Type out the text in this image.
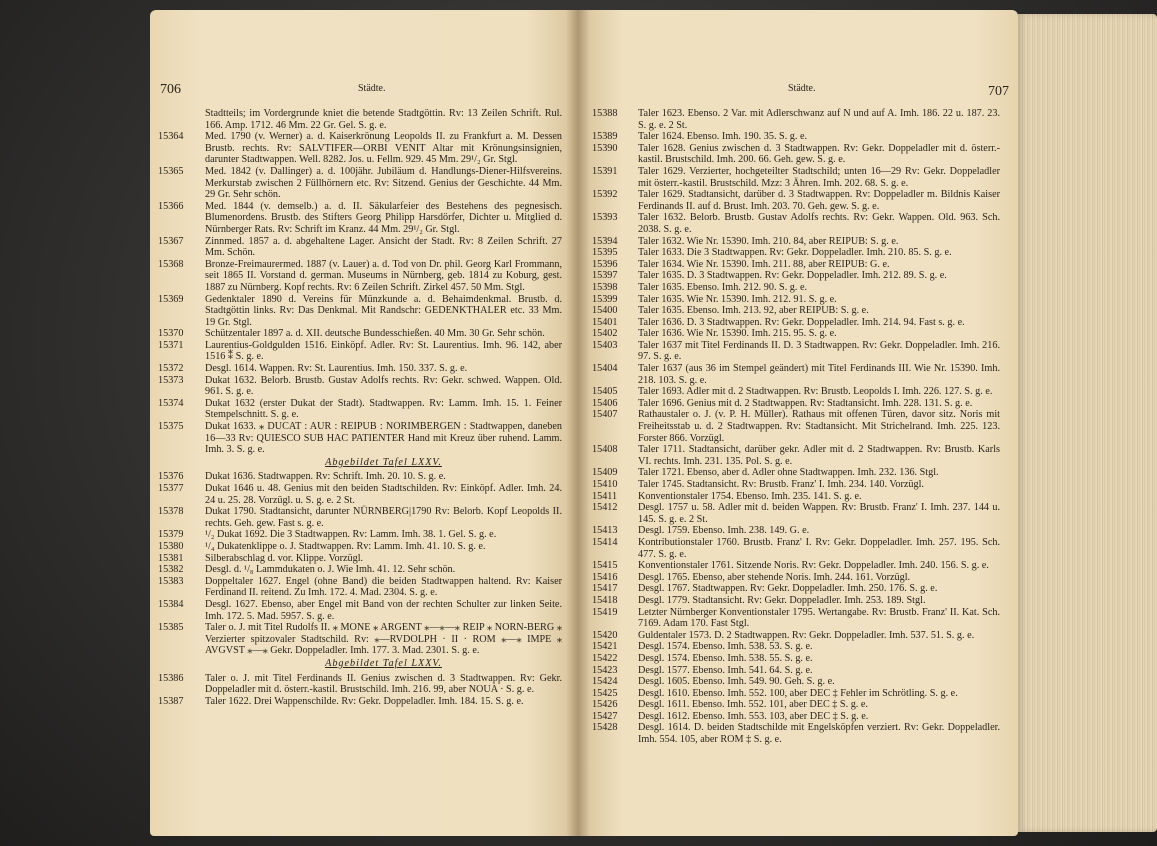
706	Städte.
Stadtteils; im Vordergrunde kniet die betende Stadtgöttin. Rv: 13 Zeilen Schrift. Rul. 166. Amp. 1712. 46 Mm. 22 Gr. Gel. S. g. e.
15364	Med. 1790 (v. Werner) a. d. Kaiserkrönung Leopolds II. zu Frankfurt a. M. Dessen Brustb. rechts. Rv: SALVTIFER—ORBI VENIT Altar mit Krönungsinsignien, darunter Stadtwappen. Well. 8282. Jos. u. Fellm. 929. 45 Mm. 29¹/₂ Gr. Stgl.
15365	Med. 1842 (v. Dallinger) a. d. 100jähr. Jubiläum d. Handlungs-Diener-Hilfsvereins. Merkurstab zwischen 2 Füllhörnern etc. Rv: Sitzend. Genius der Geschichte. 44 Mm. 29 Gr. Sehr schön.
15366	Med. 1844 (v. demselb.) a. d. II. Säkularfeier des Bestehens des pegnesisch. Blumenordens. Brustb. des Stifters Georg Philipp Harsdörfer, Dichter u. Mitglied d. Nürnberger Rats. Rv: Schrift im Kranz. 44 Mm. 29¹/₂ Gr. Stgl.
15367	Zinnmed. 1857 a. d. abgehaltene Lager. Ansicht der Stadt. Rv: 8 Zeilen Schrift. 27 Mm. Schön.
15368	Bronze-Freimaurermed. 1887 (v. Lauer) a. d. Tod von Dr. phil. Georg Karl Frommann, seit 1865 II. Vorstand d. german. Museums in Nürnberg, geb. 1814 zu Koburg, gest. 1887 zu Nürnberg. Kopf rechts. Rv: 6 Zeilen Schrift. Zirkel 457. 50 Mm. Stgl.
15369	Gedenktaler 1890 d. Vereins für Münzkunde a. d. Behaimdenkmal. Brustb. d. Stadtgöttin links. Rv: Das Denkmal. Mit Randschr: GEDENKTHALER etc. 33 Mm. 19 Gr. Stgl.
15370	Schützentaler 1897 a. d. XII. deutsche Bundesschießen. 40 Mm. 30 Gr. Sehr schön.
15371	Laurentius-Goldgulden 1516. Einköpf. Adler. Rv: St. Laurentius. Imh. 96. 142, aber 1516 ⁑ S. g. e.
15372	Desgl. 1614. Wappen. Rv: St. Laurentius. Imh. 150. 337. S. g. e.
15373	Dukat 1632. Belorb. Brustb. Gustav Adolfs rechts. Rv: Gekr. schwed. Wappen. Old. 961. S. g. e.
15374	Dukat 1632 (erster Dukat der Stadt). Stadtwappen. Rv: Lamm. Imh. 15. 1. Feiner Stempelschnitt. S. g. e.
15375	Dukat 1633. ⁎ DUCAT : AUR : REIPUB : NORIMBERGEN : Stadtwappen, daneben 16—33 Rv: QUIESCO SUB HAC PATIENTER Hand mit Kreuz über ruhend. Lamm. Imh. 3. S. g. e.
Abgebildet Tafel LXXV.
15376	Dukat 1636. Stadtwappen. Rv: Schrift. Imh. 20. 10. S. g. e.
15377	Dukat 1646 u. 48. Genius mit den beiden Stadtschilden. Rv: Einköpf. Adler. Imh. 24. 24 u. 25. 28. Vorzügl. u. S. g. e. 2 St.
15378	Dukat 1790. Stadtansicht, darunter NÜRNBERG|1790 Rv: Belorb. Kopf Leopolds II. rechts. Geh. gew. Fast s. g. e.
15379	¹/₂ Dukat 1692. Die 3 Stadtwappen. Rv: Lamm. Imh. 38. 1. Gel. S. g. e.
15380	¹/₄ Dukatenklippe o. J. Stadtwappen. Rv: Lamm. Imh. 41. 10. S. g. e.
15381	Silberabschlag d. vor. Klippe. Vorzügl.
15382	Desgl. d. ¹/₈ Lammdukaten o. J. Wie Imh. 41. 12. Sehr schön.
15383	Doppeltaler 1627. Engel (ohne Band) die beiden Stadtwappen haltend. Rv: Kaiser Ferdinand II. reitend. Zu Imh. 172. 4. Mad. 2304. S. g. e.
15384	Desgl. 1627. Ebenso, aber Engel mit Band von der rechten Schulter zur linken Seite. Imh. 172. 5. Mad. 5957. S. g. e.
15385	Taler o. J. mit Titel Rudolfs II. ⁎ MONE ⁎ ARGENT ⁎—⁎—⁎ REIP ⁎ NORN-BERG ⁎ Verzierter spitzovaler Stadtschild. Rv: ⁎—RVDOLPH · II · ROM ⁎—⁎ IMPE ⁎ AVGVST ⁎—⁎ Gekr. Doppeladler. Imh. 177. 3. Mad. 2301. S. g. e.
Abgebildet Tafel LXXV.
15386	Taler o. J. mit Titel Ferdinands II. Genius zwischen d. 3 Stadtwappen. Rv: Gekr. Doppeladler mit d. österr.-kastil. Brustschild. Imh. 216. 99, aber NOUA · S. g. e.
15387	Taler 1622. Drei Wappenschilde. Rv: Gekr. Doppeladler. Imh. 184. 15. S. g. e.
Städte.	707
15388	Taler 1623. Ebenso. 2 Var. mit Adlerschwanz auf N und auf A. Imh. 186. 22 u. 187. 23. S. g. e. 2 St.
15389	Taler 1624. Ebenso. Imh. 190. 35. S. g. e.
15390	Taler 1628. Genius zwischen d. 3 Stadtwappen. Rv: Gekr. Doppeladler mit d. österr.-kastil. Brustschild. Imh. 200. 66. Geh. gew. S. g. e.
15391	Taler 1629. Verzierter, hochgeteilter Stadtschild; unten 16—29 Rv: Gekr. Doppeladler mit österr.-kastil. Brustschild. Mzz: 3 Ähren. Imh. 202. 68. S. g. e.
15392	Taler 1629. Stadtansicht, darüber d. 3 Stadtwappen. Rv: Doppeladler m. Bildnis Kaiser Ferdinands II. auf d. Brust. Imh. 203. 70. Geh. gew. S. g. e.
15393	Taler 1632. Belorb. Brustb. Gustav Adolfs rechts. Rv: Gekr. Wappen. Old. 963. Sch. 2038. S. g. e.
15394	Taler 1632. Wie Nr. 15390. Imh. 210. 84, aber REIPUB: S. g. e.
15395	Taler 1633. Die 3 Stadtwappen. Rv: Gekr. Doppeladler. Imh. 210. 85. S. g. e.
15396	Taler 1634. Wie Nr. 15390. Imh. 211. 88, aber REIPUB: G. e.
15397	Taler 1635. D. 3 Stadtwappen. Rv: Gekr. Doppeladler. Imh. 212. 89. S. g. e.
15398	Taler 1635. Ebenso. Imh. 212. 90. S. g. e.
15399	Taler 1635. Wie Nr. 15390. Imh. 212. 91. S. g. e.
15400	Taler 1635. Ebenso. Imh. 213. 92, aber REIPUB: S. g. e.
15401	Taler 1636. D. 3 Stadtwappen. Rv: Gekr. Doppeladler. Imh. 214. 94. Fast s. g. e.
15402	Taler 1636. Wie Nr. 15390. Imh. 215. 95. S. g. e.
15403	Taler 1637 mit Titel Ferdinands II. D. 3 Stadtwappen. Rv: Gekr. Doppeladler. Imh. 216. 97. S. g. e.
15404	Taler 1637 (aus 36 im Stempel geändert) mit Titel Ferdinands III. Wie Nr. 15390. Imh. 218. 103. S. g. e.
15405	Taler 1693. Adler mit d. 2 Stadtwappen. Rv: Brustb. Leopolds I. Imh. 226. 127. S. g. e.
15406	Taler 1696. Genius mit d. 2 Stadtwappen. Rv: Stadtansicht. Imh. 228. 131. S. g. e.
15407	Rathaustaler o. J. (v. P. H. Müller). Rathaus mit offenen Türen, davor sitz. Noris mit Freiheitsstab u. d. 2 Stadtwappen. Rv: Stadtansicht. Mit Strichelrand. Imh. 225. 123. Forster 866. Vorzügl.
15408	Taler 1711. Stadtansicht, darüber gekr. Adler mit d. 2 Stadtwappen. Rv: Brustb. Karls VI. rechts. Imh. 231. 135. Pol. S. g. e.
15409	Taler 1721. Ebenso, aber d. Adler ohne Stadtwappen. Imh. 232. 136. Stgl.
15410	Taler 1745. Stadtansicht. Rv: Brustb. Franz' I. Imh. 234. 140. Vorzügl.
15411	Konventionstaler 1754. Ebenso. Imh. 235. 141. S. g. e.
15412	Desgl. 1757 u. 58. Adler mit d. beiden Wappen. Rv: Brustb. Franz' I. Imh. 237. 144 u. 145. S. g. e. 2 St.
15413	Desgl. 1759. Ebenso. Imh. 238. 149. G. e.
15414	Kontributionstaler 1760. Brustb. Franz' I. Rv: Gekr. Doppeladler. Imh. 257. 195. Sch. 477. S. g. e.
15415	Konventionstaler 1761. Sitzende Noris. Rv: Gekr. Doppeladler. Imh. 240. 156. S. g. e.
15416	Desgl. 1765. Ebenso, aber stehende Noris. Imh. 244. 161. Vorzügl.
15417	Desgl. 1767. Stadtwappen. Rv: Gekr. Doppeladler. Imh. 250. 176. S. g. e.
15418	Desgl. 1779. Stadtansicht. Rv: Gekr. Doppeladler. Imh. 253. 189. Stgl.
15419	Letzter Nürnberger Konventionstaler 1795. Wertangabe. Rv: Brustb. Franz' II. Kat. Sch. 7169. Adam 170. Fast Stgl.
15420	Guldentaler 1573. D. 2 Stadtwappen. Rv: Gekr. Doppeladler. Imh. 537. 51. S. g. e.
15421	Desgl. 1574. Ebenso. Imh. 538. 53. S. g. e.
15422	Desgl. 1574. Ebenso. Imh. 538. 55. S. g. e.
15423	Desgl. 1577. Ebenso. Imh. 541. 64. S. g. e.
15424	Desgl. 1605. Ebenso. Imh. 549. 90. Geh. S. g. e.
15425	Desgl. 1610. Ebenso. Imh. 552. 100, aber DEC ‡ Fehler im Schrötling. S. g. e.
15426	Desgl. 1611. Ebenso. Imh. 552. 101, aber DEC ‡ S. g. e.
15427	Desgl. 1612. Ebenso. Imh. 553. 103, aber DEC ‡ S. g. e.
15428	Desgl. 1614. D. beiden Stadtschilde mit Engelsköpfen verziert. Rv: Gekr. Doppeladler. Imh. 554. 105, aber ROM ‡ S. g. e.
